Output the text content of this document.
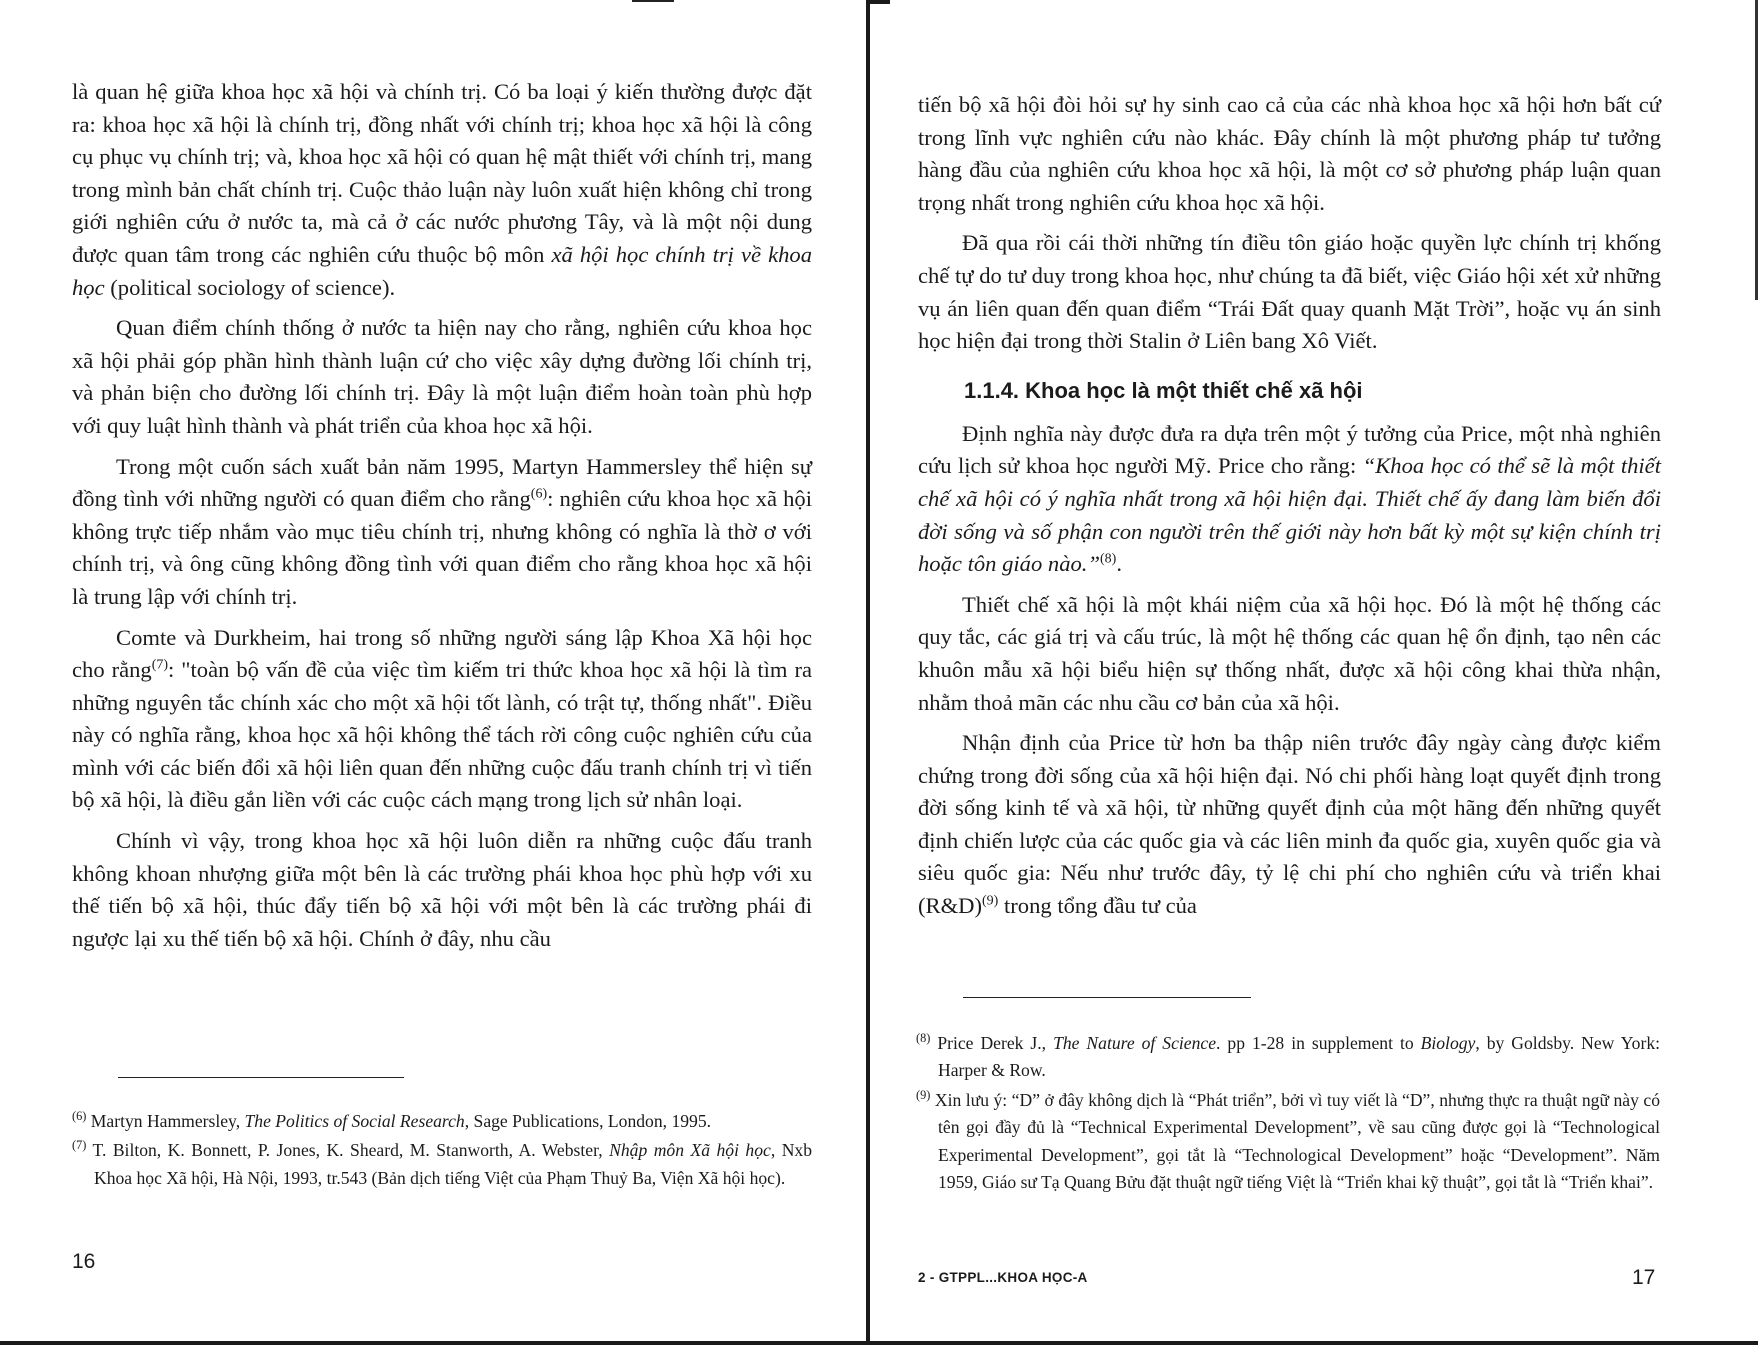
là quan hệ giữa khoa học xã hội và chính trị. Có ba loại ý kiến thường được đặt ra: khoa học xã hội là chính trị, đồng nhất với chính trị; khoa học xã hội là công cụ phục vụ chính trị; và, khoa học xã hội có quan hệ mật thiết với chính trị, mang trong mình bản chất chính trị. Cuộc thảo luận này luôn xuất hiện không chỉ trong giới nghiên cứu ở nước ta, mà cả ở các nước phương Tây, và là một nội dung được quan tâm trong các nghiên cứu thuộc bộ môn xã hội học chính trị về khoa học (political sociology of science).

Quan điểm chính thống ở nước ta hiện nay cho rằng, nghiên cứu khoa học xã hội phải góp phần hình thành luận cứ cho việc xây dựng đường lối chính trị, và phản biện cho đường lối chính trị. Đây là một luận điểm hoàn toàn phù hợp với quy luật hình thành và phát triển của khoa học xã hội.

Trong một cuốn sách xuất bản năm 1995, Martyn Hammersley thể hiện sự đồng tình với những người có quan điểm cho rằng$^{(6)}$: nghiên cứu khoa học xã hội không trực tiếp nhắm vào mục tiêu chính trị, nhưng không có nghĩa là thờ ơ với chính trị, và ông cũng không đồng tình với quan điểm cho rằng khoa học xã hội là trung lập với chính trị.

Comte và Durkheim, hai trong số những người sáng lập Khoa Xã hội học cho rằng$^{(7)}$: "toàn bộ vấn đề của việc tìm kiếm tri thức khoa học xã hội là tìm ra những nguyên tắc chính xác cho một xã hội tốt lành, có trật tự, thống nhất". Điều này có nghĩa rằng, khoa học xã hội không thể tách rời công cuộc nghiên cứu của mình với các biến đổi xã hội liên quan đến những cuộc đấu tranh chính trị vì tiến bộ xã hội, là điều gắn liền với các cuộc cách mạng trong lịch sử nhân loại.

Chính vì vậy, trong khoa học xã hội luôn diễn ra những cuộc đấu tranh không khoan nhượng giữa một bên là các trường phái khoa học phù hợp với xu thế tiến bộ xã hội, thúc đẩy tiến bộ xã hội với một bên là các trường phái đi ngược lại xu thế tiến bộ xã hội. Chính ở đây, nhu cầu

$^{(6)}$ Martyn Hammersley, The Politics of Social Research, Sage Publications, London, 1995.
$^{(7)}$ T. Bilton, K. Bonnett, P. Jones, K. Sheard, M. Stanworth, A. Webster, Nhập môn Xã hội học, Nxb Khoa học Xã hội, Hà Nội, 1993, tr.543 (Bản dịch tiếng Việt của Phạm Thuỷ Ba, Viện Xã hội học).
16

tiến bộ xã hội đòi hỏi sự hy sinh cao cả của các nhà khoa học xã hội hơn bất cứ trong lĩnh vực nghiên cứu nào khác. Đây chính là một phương pháp tư tưởng hàng đầu của nghiên cứu khoa học xã hội, là một cơ sở phương pháp luận quan trọng nhất trong nghiên cứu khoa học xã hội.

Đã qua rồi cái thời những tín điều tôn giáo hoặc quyền lực chính trị khống chế tự do tư duy trong khoa học, như chúng ta đã biết, việc Giáo hội xét xử những vụ án liên quan đến quan điểm “Trái Đất quay quanh Mặt Trời”, hoặc vụ án sinh học hiện đại trong thời Stalin ở Liên bang Xô Viết.

1.1.4. Khoa học là một thiết chế xã hội

Định nghĩa này được đưa ra dựa trên một ý tưởng của Price, một nhà nghiên cứu lịch sử khoa học người Mỹ. Price cho rằng: “Khoa học có thể sẽ là một thiết chế xã hội có ý nghĩa nhất trong xã hội hiện đại. Thiết chế ấy đang làm biến đổi đời sống và số phận con người trên thế giới này hơn bất kỳ một sự kiện chính trị hoặc tôn giáo nào.”$^{(8)}$.

Thiết chế xã hội là một khái niệm của xã hội học. Đó là một hệ thống các quy tắc, các giá trị và cấu trúc, là một hệ thống các quan hệ ổn định, tạo nên các khuôn mẫu xã hội biểu hiện sự thống nhất, được xã hội công khai thừa nhận, nhằm thoả mãn các nhu cầu cơ bản của xã hội.

Nhận định của Price từ hơn ba thập niên trước đây ngày càng được kiểm chứng trong đời sống của xã hội hiện đại. Nó chi phối hàng loạt quyết định trong đời sống kinh tế và xã hội, từ những quyết định của một hãng đến những quyết định chiến lược của các quốc gia và các liên minh đa quốc gia, xuyên quốc gia và siêu quốc gia: Nếu như trước đây, tỷ lệ chi phí cho nghiên cứu và triển khai (R&D)$^{(9)}$ trong tổng đầu tư của

$^{(8)}$ Price Derek J., The Nature of Science. pp 1-28 in supplement to Biology, by Goldsby. New York: Harper & Row.
$^{(9)}$ Xin lưu ý: “D” ở đây không dịch là “Phát triển”, bởi vì tuy viết là “D”, nhưng thực ra thuật ngữ này có tên gọi đầy đủ là “Technical Experimental Development”, về sau cũng được gọi là “Technological Experimental Development”, gọi tắt là “Technological Development” hoặc “Development”. Năm 1959, Giáo sư Tạ Quang Bửu đặt thuật ngữ tiếng Việt là “Triển khai kỹ thuật”, gọi tắt là “Triển khai”.
2 - GTPPL...KHOA HỌC-A	17
